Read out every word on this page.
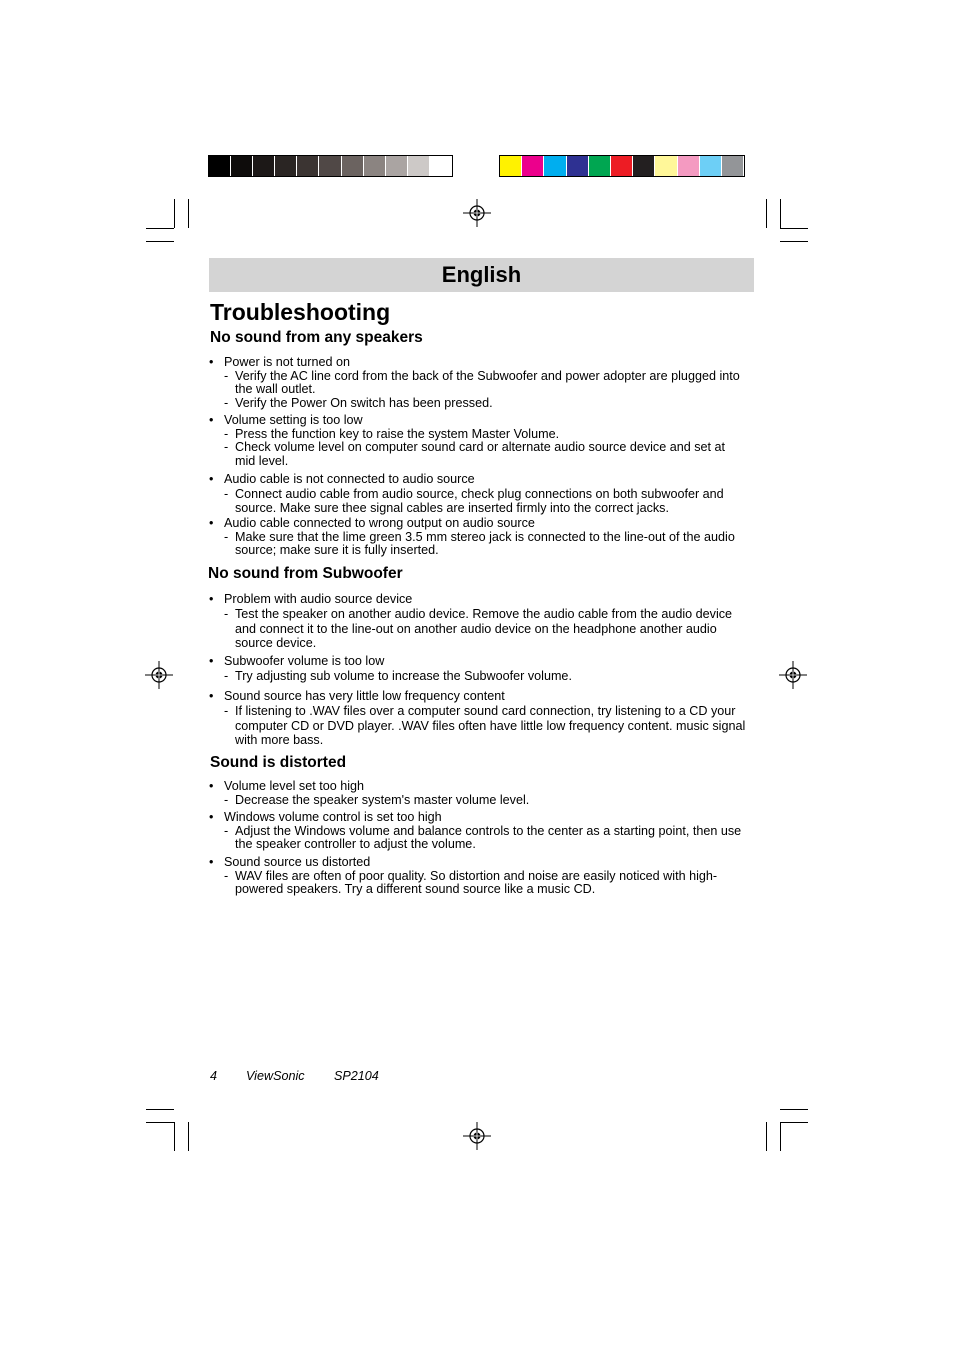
English
Troubleshooting
No sound from any speakers
No sound from Subwoofer
Sound is distorted
• Power is not turned on
- Verify the AC line cord from the back of the Subwoofer and power adopter are plugged into the wall outlet.
- Verify the Power On switch has been pressed.
• Volume setting is too low
- Press the function key to raise the system Master Volume.
- Check volume level on computer sound card or alternate audio source device and set at mid level.
• Audio cable is not connected to audio source
- Connect audio cable from audio source, check plug connections on both subwoofer and source. Make sure thee signal cables are inserted firmly into the correct jacks.
• Audio cable connected to wrong output on audio source
- Make sure that the lime green 3.5 mm stereo jack is connected to the line-out of the audio source; make sure it is fully inserted.
• Problem with audio source device
- Test the speaker on another audio device. Remove the audio cable from the audio device and connect it to the line-out on another audio device on the headphone another audio source device.
• Subwoofer volume is too low
- Try adjusting sub volume to increase the Subwoofer volume.
• Sound source has very little low frequency content
- If listening to .WAV files over a computer sound card connection, try listening to a CD your computer CD or DVD player. .WAV files often have little low frequency content. music signal with more bass.
• Volume level set too high
- Decrease the speaker system's master volume level.
• Windows volume control is set too high
- Adjust the Windows volume and balance controls to the center as a starting point, then use the speaker controller to adjust the volume.
• Sound source us distorted
- WAV files are often of poor quality. So distortion and noise are easily noticed with high-powered speakers. Try a different sound source like a music CD.
4 ViewSonic SP2104
